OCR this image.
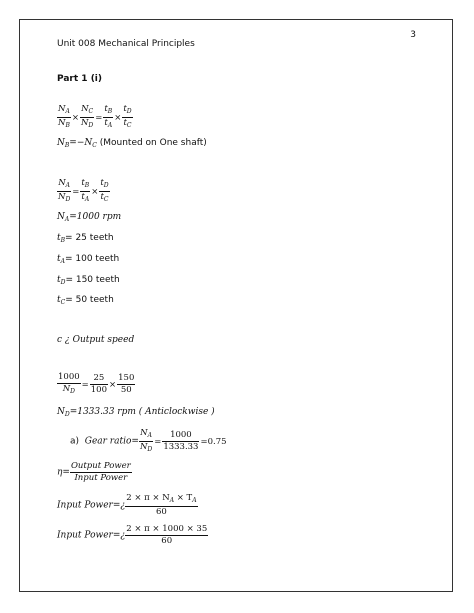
3
Unit 008 Mechanical Principles
Part 1 (i)
$\frac{N_A}{N_B} \times \frac{N_C}{N_D} = \frac{t_B}{t_A} \times \frac{t_D}{t_C}$
$N_B=-N_C$ (Mounted on One shaft)
$\frac{N_A}{N_D} = \frac{t_B}{t_A} \times \frac{t_D}{t_C}$
$N_A=1000$ rpm
$t_B= 25$ teeth
$t_A= 100$ teeth
$t_D= 150$ teeth
$t_C= 50$ teeth
c ¿ Output speed
$\frac{1000}{N_D} = \frac{25}{100} \times \frac{150}{50}$
$N_D=1333.33$ rpm ( Anticlockwise )
a) Gear ratio= $\frac{N_A}{N_D} = \frac{1000}{1333.33} =0.75$
$\eta= \frac{\text{Output Power}}{\text{Input Power}}$
Input Power=¿ $\frac{2 \times \pi \times N_A \times T_A}{60}$
Input Power=¿ $\frac{2 \times \pi \times 1000 \times 35}{60}$
